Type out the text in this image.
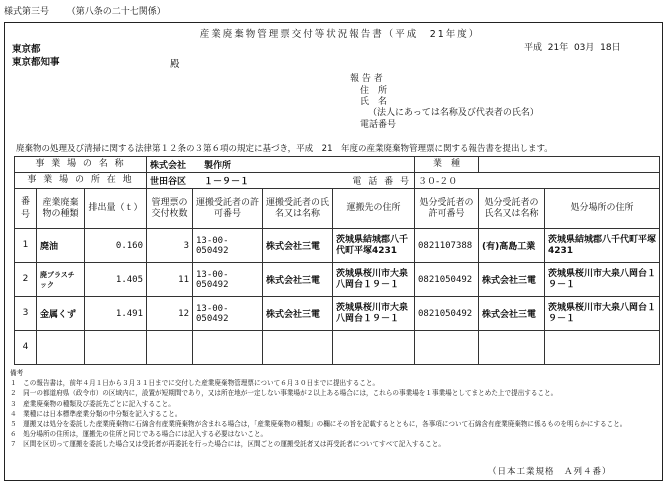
様式第三号 （第八条の二十七関係）
産業廃棄物管理票交付等状況報告書（平成　21年度）
東京都
東京都知事	殿
平成 21年 03月 18日
報 告 者
住　所
氏　名
（法人にあっては名称及び代表者の氏名）
電話番号
廃棄物の処理及び清掃に関する法律第１２条の３第６項の規定に基づき，平成　21　年度の産業廃棄物管理票に関する報告書を提出します。
事 業 場 の 名 称			株式会社　　製作所				業　種		
事 業 場 の 所 在 地			世田谷区　　１－９－１ 電 話 番 号				３０-２０		
番号	産業廃棄物の種類	排出量（ｔ）	管理票の交付枚数	運搬受託者の許可番号	運搬受託者の氏名又は名称	運搬先の住所	処分受託者の許可番号	処分受託者の氏名又は名称	処分場所の住所
1	廃油	0.160	3	13-00-050492	株式会社三電	茨城県結城郡八千代町平塚4231	0821107388	(有)高島工業	茨城県結城郡八千代町平塚4231
2	廃プラスチック	1.405	11	13-00-050492	株式会社三電	茨城県桜川市大泉八岡台１９－１	0821050492	株式会社三電	茨城県桜川市大泉八岡台１９－１
3	金属くず	1.491	12	13-00-050492	株式会社三電	茨城県桜川市大泉八岡台１９－１	0821050492	株式会社三電	茨城県桜川市大泉八岡台１９－１
4									
備考
１　この報告書は，前年４月１日から３月３１日までに交付した産業廃棄物管理票について６月３０日までに提出すること。
２　同一の都道府県（政令市）の区域内に，設置が短期間であり，又は所在地が一定しない事業場が２以上ある場合には，これらの事業場を１事業場としてまとめた上で提出すること。
３　産業廃棄物の種類及び委託先ごとに記入すること。
４　業種には日本標準産業分類の中分類を記入すること。
５　運搬又は処分を委託した産業廃棄物に石綿含有産業廃棄物が含まれる場合は，「産業廃棄物の種類」の欄にその旨を記載するとともに，各事項について石綿含有産業廃棄物に係るものを明らかにすること。
６　処分場所の住所は，運搬先の住所と同じである場合には記入する必要はないこと。
７　区間を区切って運搬を委託した場合又は受託者が再委託を行った場合には，区間ごとの運搬受託者又は再受託者についてすべて記入すること。
（日本工業規格　Ａ列４番）
